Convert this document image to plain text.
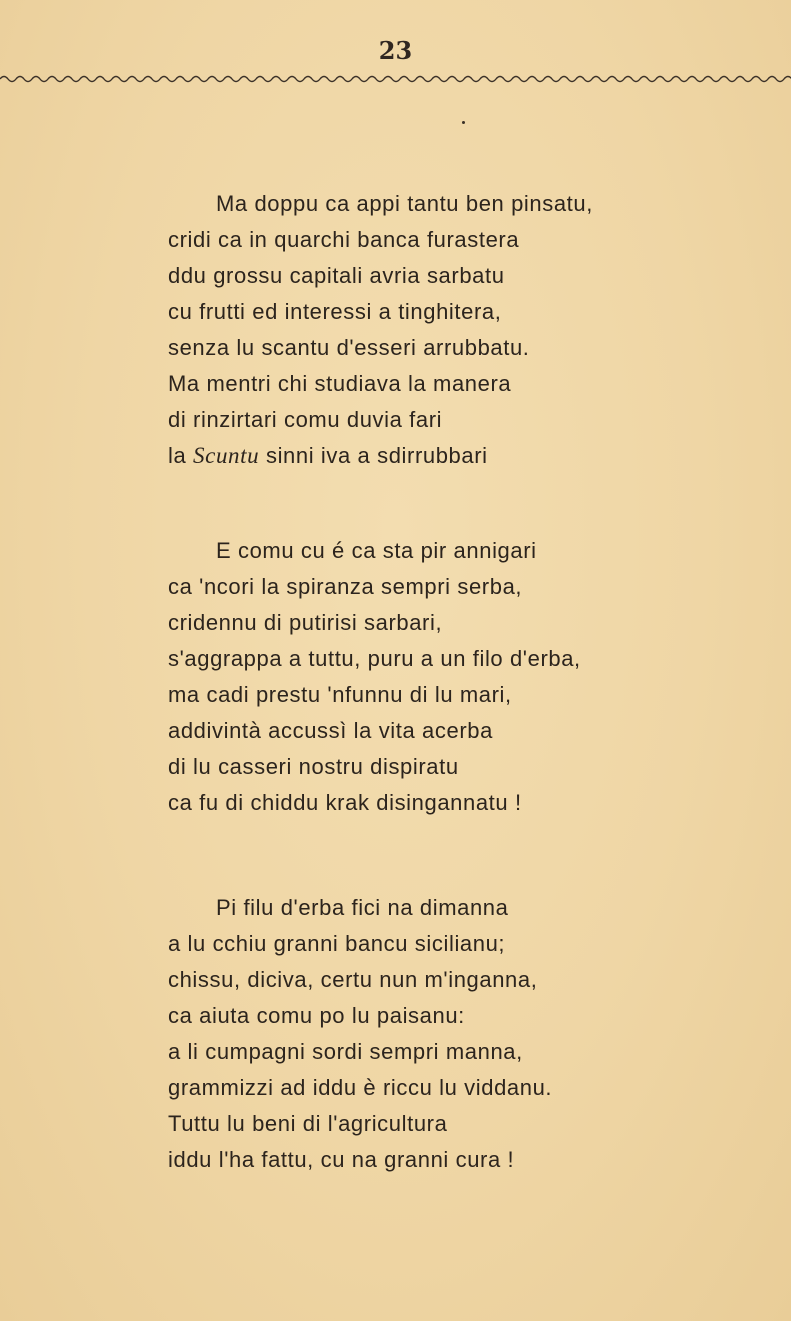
23
Ma doppu ca appi tantu ben pinsatu,
cridi ca in quarchi banca furastera
ddu grossu capitali avria sarbatu
cu frutti ed interessi a tinghitera,
senza lu scantu d'esseri arrubbatu.
Ma mentri chi studiava la manera
di rinzirtari comu duvia fari
la Scuntu sinni iva a sdirrubbari
E comu cu é ca sta pir annigari
ca 'ncori la spiranza sempri serba,
cridennu di putirisi sarbari,
s'aggrappa a tuttu, puru a un filo d'erba,
ma cadi prestu 'nfunnu di lu mari,
addivintà accussì la vita acerba
di lu casseri nostru dispiratu
ca fu di chiddu krak disingannatu !
Pi filu d'erba fici na dimanna
a lu cchiu granni bancu sicilianu;
chissu, diciva, certu nun m'inganna,
ca aiuta comu po lu paisanu:
a li cumpagni sordi sempri manna,
grammizzi ad iddu è riccu lu viddanu.
Tuttu lu beni di l'agricultura
iddu l'ha fattu, cu na granni cura !
